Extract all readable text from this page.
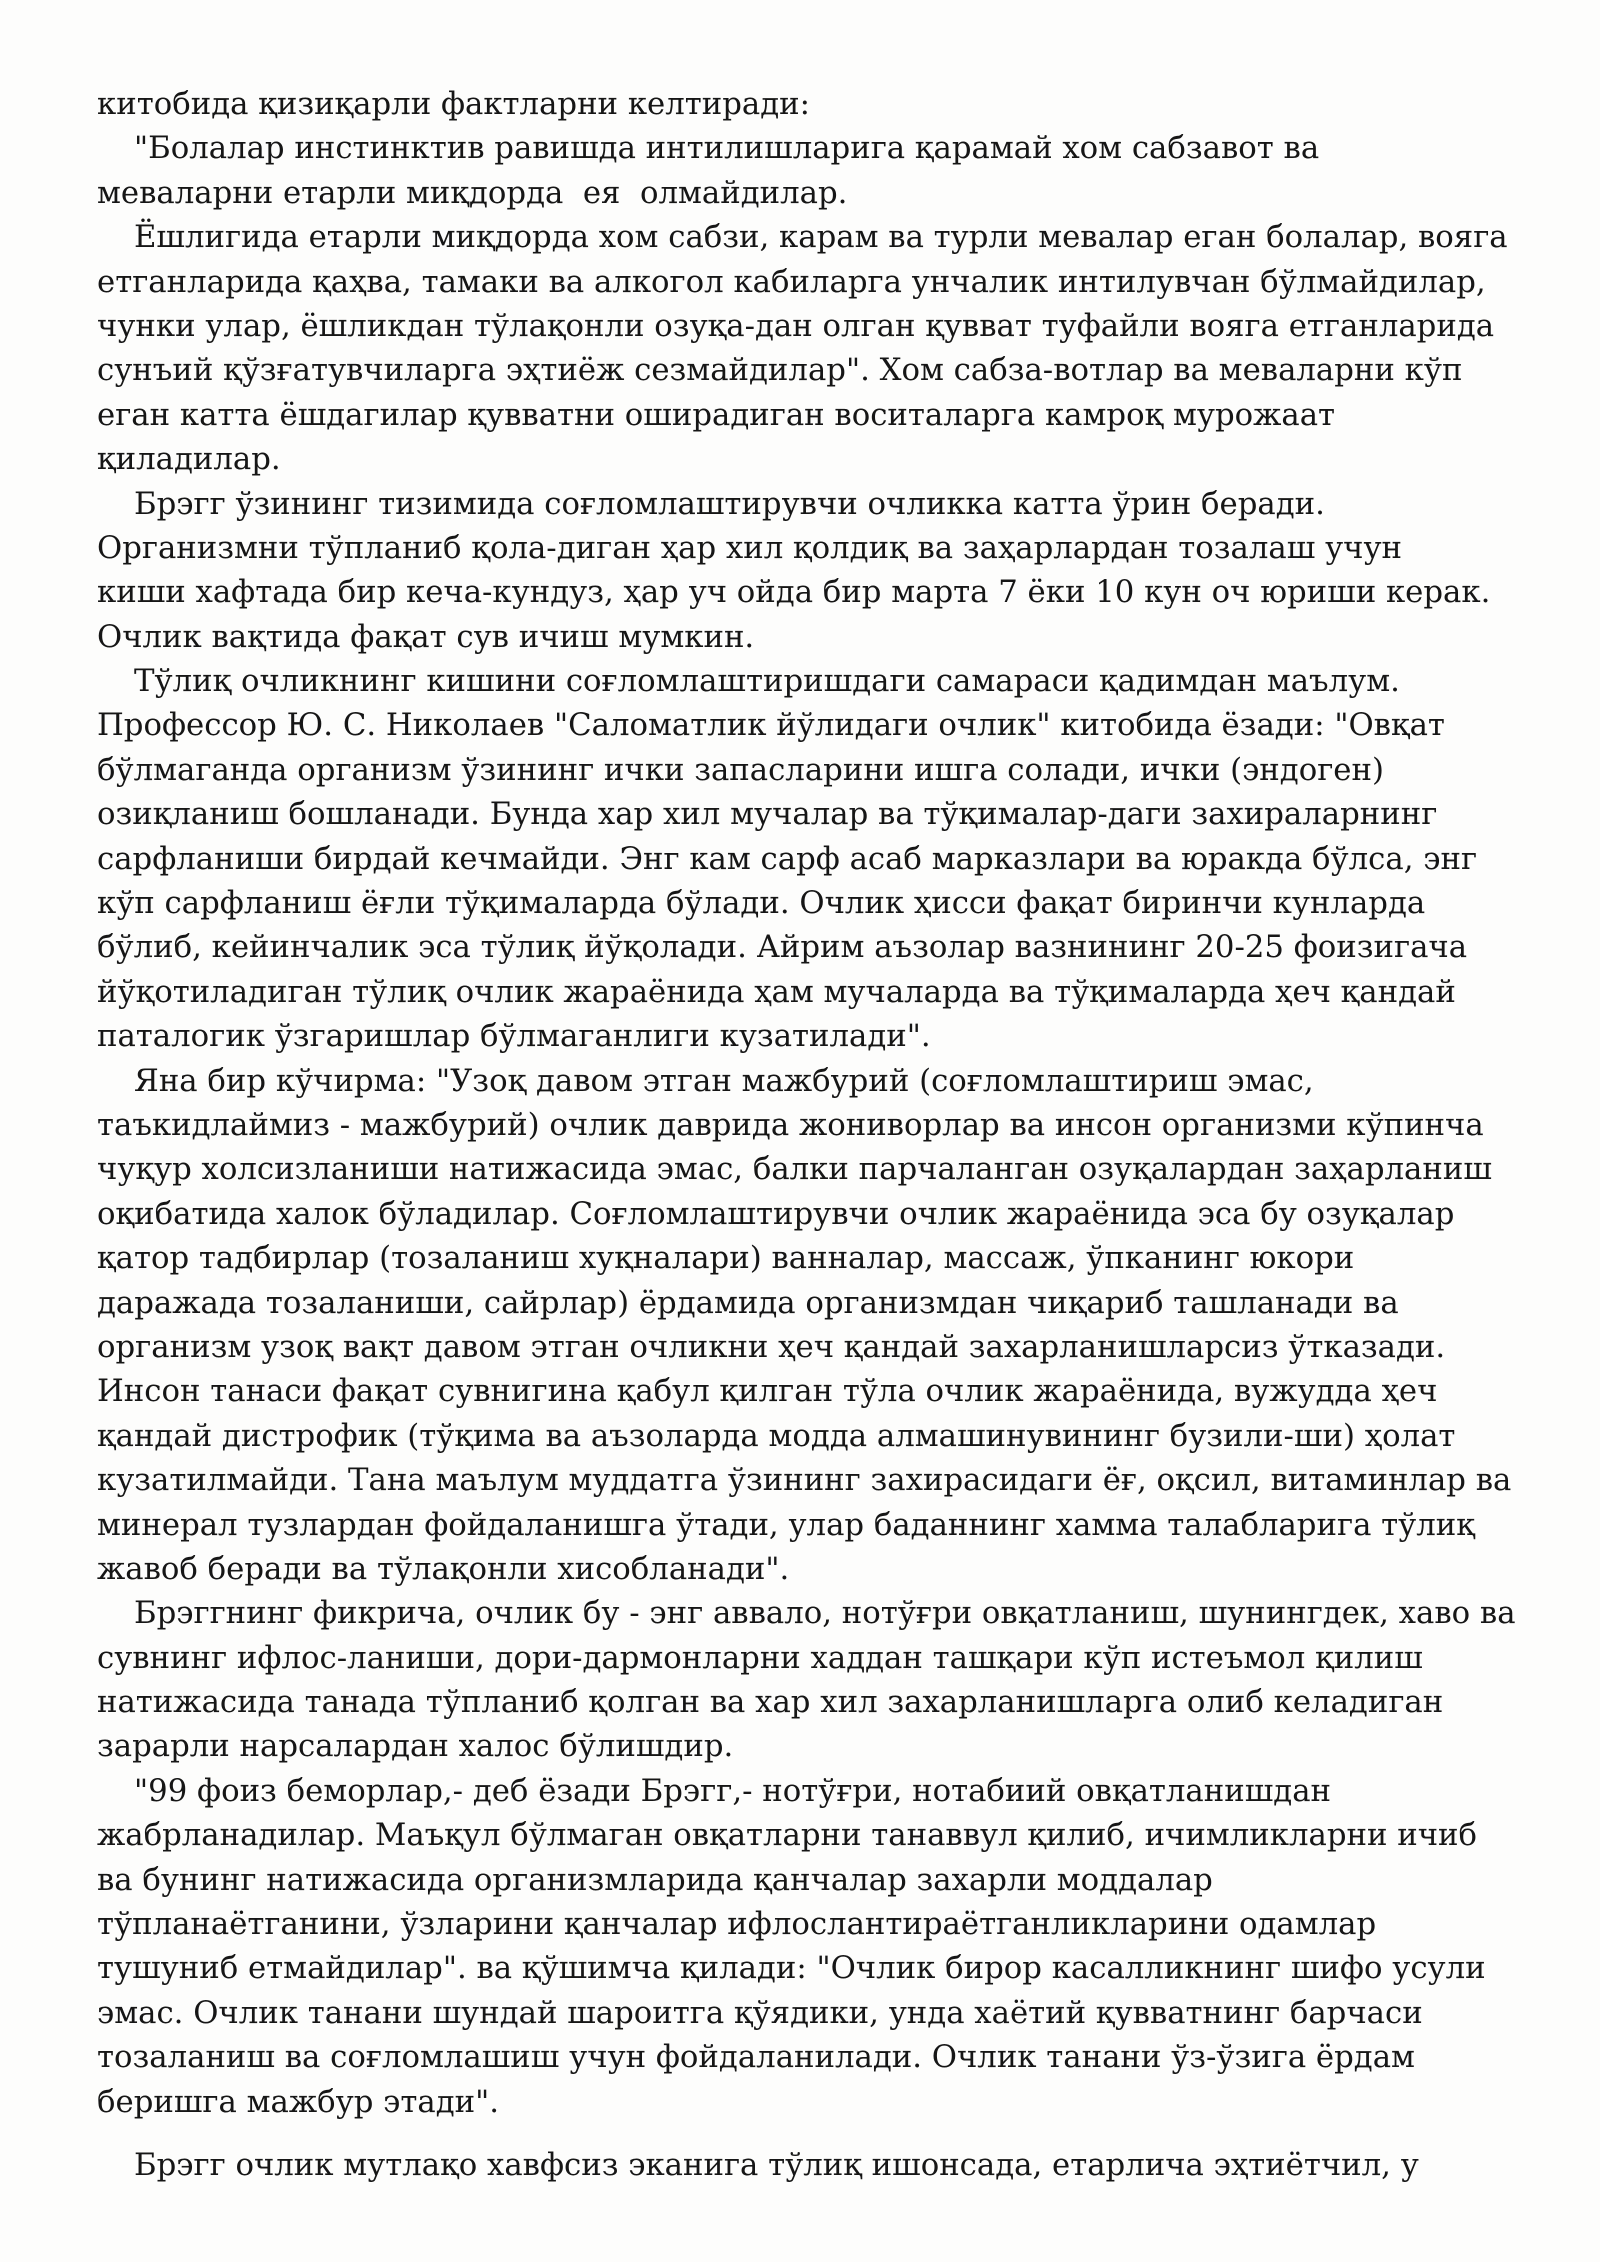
китобида қизиқарли фактларни келтиради:
"Болалар инстинктив равишда интилишларига қарамай хом сабзавот ва
меваларни етарли миқдорда  ея  олмайдилар.
Ёшлигида етарли миқдорда хом сабзи, карам ва турли мевалар еган болалар, вояга
етганларида қаҳва, тамаки ва алкогол кабиларга унчалик интилувчан бўлмайдилар,
чунки улар, ёшликдан тўлақонли озуқа-дан олган қувват туфайли вояга етганларида
сунъий қўзғатувчиларга эҳтиёж сезмайдилар". Хом сабза-вотлар ва меваларни кўп
еган катта ёшдагилар қувватни оширадиган воситаларга камроқ мурожаат
қиладилар.
Брэгг ўзининг тизимида соғломлаштирувчи очликка катта ўрин беради.
Организмни тўпланиб қола-диган ҳар хил қолдиқ ва заҳарлардан тозалаш учун
киши хафтада бир кеча-кундуз, ҳар уч ойда бир марта 7 ёки 10 кун оч юриши керак.
Очлик вақтида фақат сув ичиш мумкин.
Тўлиқ очликнинг кишини соғломлаштиришдаги самараси қадимдан маълум.
Профессор Ю. С. Николаев "Саломатлик йўлидаги очлик" китобида ёзади: "Овқат
бўлмаганда организм ўзининг ички запасларини ишга солади, ички (эндоген)
озиқланиш бошланади. Бунда хар хил мучалар ва тўқималар-даги захираларнинг
сарфланиши бирдай кечмайди. Энг кам сарф асаб марказлари ва юракда бўлса, энг
кўп сарфланиш ёғли тўқималарда бўлади. Очлик ҳисси фақат биринчи кунларда
бўлиб, кейинчалик эса тўлиқ йўқолади. Айрим аъзолар вазнининг 20-25 фоизигача
йўқотиладиган тўлиқ очлик жараёнида ҳам мучаларда ва тўқималарда ҳеч қандай
паталогик ўзгаришлар бўлмаганлиги кузатилади".
Яна бир кўчирма: "Узоқ давом этган мажбурий (соғломлаштириш эмас,
таъкидлаймиз - мажбурий) очлик даврида жониворлар ва инсон организми кўпинча
чуқур холсизланиши натижасида эмас, балки парчаланган озуқалардан заҳарланиш
оқибатида халок бўладилар. Соғломлаштирувчи очлик жараёнида эса бу озуқалар
қатор тадбирлар (тозаланиш хуқналари) ванналар, массаж, ўпканинг юкори
даражада тозаланиши, сайрлар) ёрдамида организмдан чиқариб ташланади ва
организм узоқ вақт давом этган очликни ҳеч қандай захарланишларсиз ўтказади.
Инсон танаси фақат сувнигина қабул қилган тўла очлик жараёнида, вужудда ҳеч
қандай дистрофик (тўқима ва аъзоларда модда алмашинувининг бузили-ши) ҳолат
кузатилмайди. Тана маълум муддатга ўзининг захирасидаги ёғ, оқсил, витаминлар ва
минерал тузлардан фойдаланишга ўтади, улар баданнинг хамма талабларига тўлиқ
жавоб беради ва тўлақонли хисобланади".
Брэггнинг фикрича, очлик бу - энг аввало, нотўғри овқатланиш, шунингдек, хаво ва
сувнинг ифлос-ланиши, дори-дармонларни хаддан ташқари кўп истеъмол қилиш
натижасида танада тўпланиб қолган ва хар хил захарланишларга олиб келадиган
зарарли нарсалардан халос бўлишдир.
"99 фоиз беморлар,- деб ёзади Брэгг,- нотўғри, нотабиий овқатланишдан
жабрланадилар. Маъқул бўлмаган овқатларни танаввул қилиб, ичимликларни ичиб
ва бунинг натижасида организмларида қанчалар захарли моддалар
тўпланаётганини, ўзларини қанчалар ифлослантираётганликларини одамлар
тушуниб етмайдилар". ва қўшимча қилади: "Очлик бирор касалликнинг шифо усули
эмас. Очлик танани шундай шароитга қўядики, унда хаётий қувватнинг барчаси
тозаланиш ва соғломлашиш учун фойдаланилади. Очлик танани ўз-ўзига ёрдам
беришга мажбур этади".
Брэгг очлик мутлақо хавфсиз эканига тўлиқ ишонсада, етарлича эҳтиётчил, у
